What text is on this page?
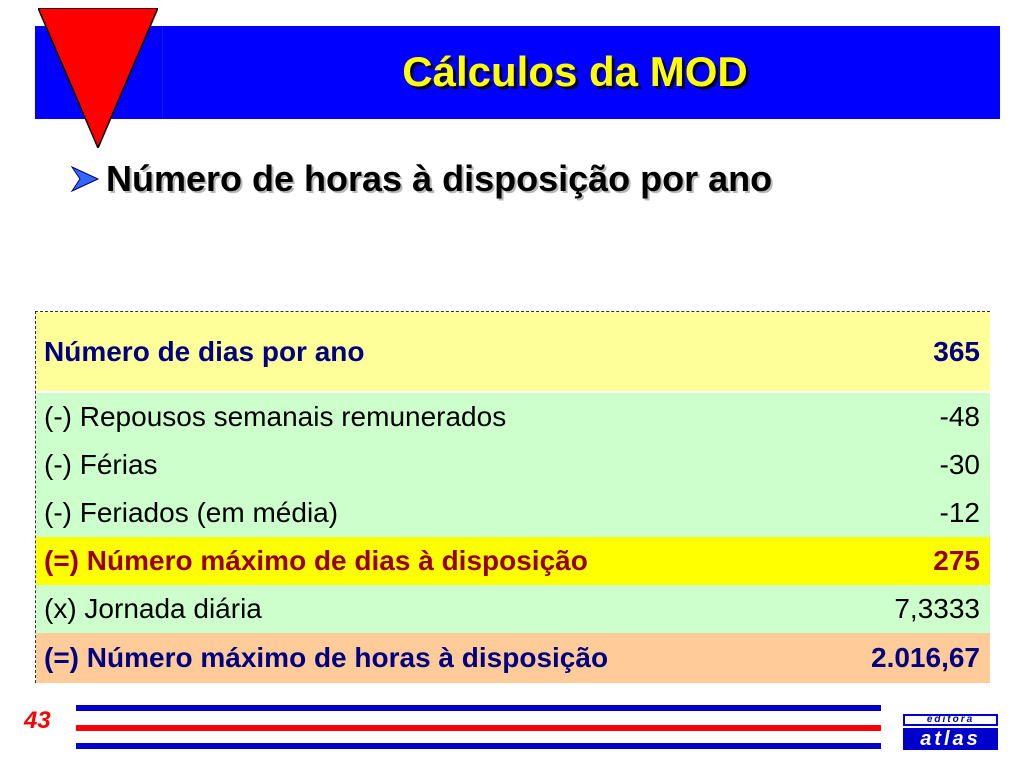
Cálculos da MOD
Número de horas à disposição por ano
Número de dias por ano	365
(-) Repousos semanais remunerados	-48
(-) Férias	-30
(-) Feriados (em média)	-12
(=) Número máximo de dias à disposição	275
(x) Jornada diária	7,3333
(=) Número máximo de horas à disposição	2.016,67
43	editora
atlas
